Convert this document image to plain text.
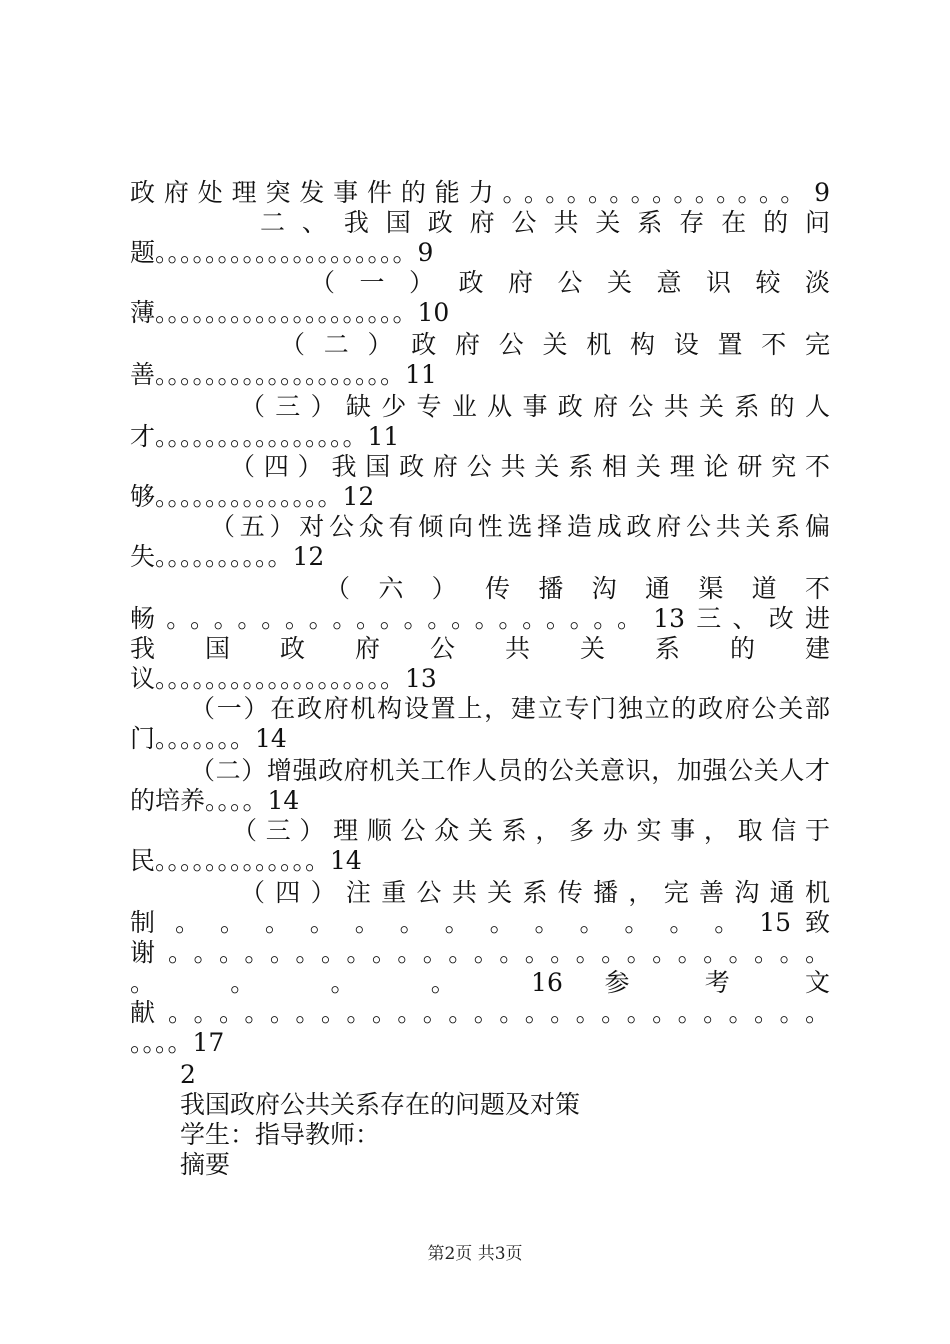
政府处理突发事件的能力。。。。。。。。。。。。。。9
二 、 我 国 政 府 公 共 关 系 存 在 的 问
题。。。。。。。。。。。。。。。。。。。。9
（ 一 ） 政 府 公 关 意 识 较 淡
薄。。。。。。。。。。。。。。。。。。。。10
（ 二 ） 政 府 公 关 机 构 设 置 不 完
善。。。。。。。。。。。。。。。。。。。11
（三）缺少专业从事政府公共关系的人
才。。。。。。。。。。。。。。。。11
（四）我国政府公共关系相关理论研究不
够。。。。。。。。。。。。。。12
（五）对公众有倾向性选择造成政府公共关系偏
失。。。。。。。。。。12
（ 六 ） 传 播 沟 通 渠 道 不
畅。。。。。。。。。。。。。。。。。。。。13三、改进
我 国 政 府 公 共 关 系 的 建
议。。。。。。。。。。。。。。。。。。。13
（一）在政府机构设置上，建立专门独立的政府公关部
门。。。。。。。14
（二）增强政府机关工作人员的公关意识，加强公关人才
的培养。。。。14
（三）理顺公众关系，多办实事，取信于
民。。。。。。。。。。。。。14
（四）注重公共关系传播，完善沟通机
制 。 。 。 。 。 。 。 。 。 。 。 。 。 15 致
谢。。。。。。。。。。。。。。。。。。。。。。。。。。
。 。 。 。 16 参 考 文
献。。。。。。。。。。。。。。。。。。。。。。。。。。
。。。。17
2
我国政府公共关系存在的问题及对策
学生：指导教师：
摘要
第2页 共3页
